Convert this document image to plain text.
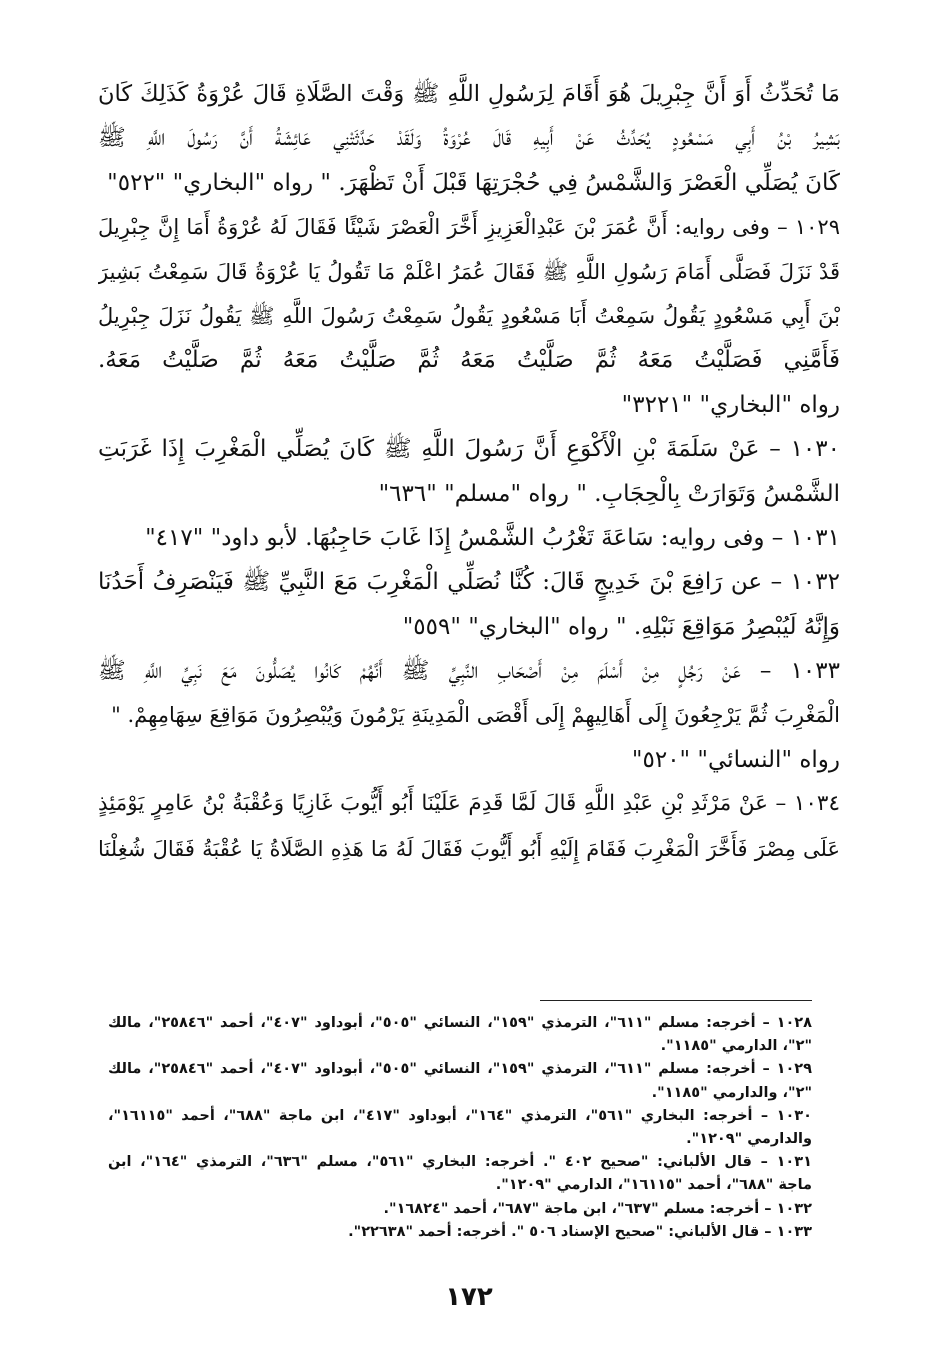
مَا تُحَدِّثُ أَوَ أَنَّ جِبْرِيلَ هُوَ أَقَامَ لِرَسُولِ اللَّهِ ﷺ وَقْتَ الصَّلَاةِ قَالَ عُرْوَةُ كَذَلِكَ كَانَ
بَشِيرُ بْنُ أَبِي مَسْعُودٍ يُحَدِّثُ عَنْ أَبِيهِ قَالَ عُرْوَةُ وَلَقَدْ حَدَّثَتْنِي عَائِشَةُ أَنَّ رَسُولَ اللَّهِ ﷺ
كَانَ يُصَلِّي الْعَصْرَ وَالشَّمْسُ فِي حُجْرَتِهَا قَبْلَ أَنْ تَظْهَرَ. " رواه "البخاري" "٥٢٢"
١٠٢٩ – وفى روايه: أَنَّ عُمَرَ بْنَ عَبْدِالْعَزِيزِ أَخَّرَ الْعَصْرَ شَيْئًا فَقَالَ لَهُ عُرْوَةُ أَمَا إِنَّ جِبْرِيلَ
قَدْ نَزَلَ فَصَلَّى أَمَامَ رَسُولِ اللَّهِ ﷺ فَقَالَ عُمَرُ اعْلَمْ مَا تَقُولُ يَا عُرْوَةُ قَالَ سَمِعْتُ بَشِيرَ
بْنَ أَبِي مَسْعُودٍ يَقُولُ سَمِعْتُ أَبَا مَسْعُودٍ يَقُولُ سَمِعْتُ رَسُولَ اللَّهِ ﷺ يَقُولُ نَزَلَ جِبْرِيلُ
فَأَمَّنِي فَصَلَّيْتُ مَعَهُ ثُمَّ صَلَّيْتُ مَعَهُ ثُمَّ صَلَّيْتُ مَعَهُ ثُمَّ صَلَّيْتُ مَعَهُ.
رواه "البخاري" "٣٢٢١"
١٠٣٠ – عَنْ سَلَمَةَ بْنِ الْأَكْوَعِ أَنَّ رَسُولَ اللَّهِ ﷺ كَانَ يُصَلِّي الْمَغْرِبَ إِذَا غَرَبَتِ
الشَّمْسُ وَتَوَارَتْ بِالْحِجَابِ. " رواه "مسلم" "٦٣٦"
١٠٣١ – وفى روايه: سَاعَةَ تَغْرُبُ الشَّمْسُ إِذَا غَابَ حَاجِبُهَا. لأبو داود" "٤١٧"
١٠٣٢ – عن رَافِعَ بْنَ خَدِيجٍ قَالَ: كُنَّا نُصَلِّي الْمَغْرِبَ مَعَ النَّبِيِّ ﷺ فَيَنْصَرِفُ أَحَدُنَا
وَإِنَّهُ لَيُبْصِرُ مَوَاقِعَ نَبْلِهِ. " رواه "البخاري" "٥٥٩"
١٠٣٣ – عَنْ رَجُلٍ مِنْ أَسْلَمَ مِنْ أَصْحَابِ النَّبِيِّ ﷺ أَنَّهُمْ كَانُوا يُصَلُّونَ مَعَ نَبِيِّ اللَّهِ ﷺ
الْمَغْرِبَ ثُمَّ يَرْجِعُونَ إِلَى أَهَالِيهِمْ إِلَى أَقْصَى الْمَدِينَةِ يَرْمُونَ وَيُبْصِرُونَ مَوَاقِعَ سِهَامِهِمْ. "
رواه "النسائي" "٥٢٠"
١٠٣٤ – عَنْ مَرْثَدِ بْنِ عَبْدِ اللَّهِ قَالَ لَمَّا قَدِمَ عَلَيْنَا أَبُو أَيُّوبَ غَازِيًا وَعُقْبَةُ بْنُ عَامِرٍ يَوْمَئِذٍ
عَلَى مِصْرَ فَأَخَّرَ الْمَغْرِبَ فَقَامَ إِلَيْهِ أَبُو أَيُّوبَ فَقَالَ لَهُ مَا هَذِهِ الصَّلَاةُ يَا عُقْبَةُ فَقَالَ شُغِلْنَا
١٠٢٨ – أخرجه: مسلم "٦١١"، الترمذي "١٥٩"، النسائي "٥٠٥"، أبوداود "٤٠٧"، أحمد "٢٥٨٤٦"، مالك
"٢"، الدارمي "١١٨٥".
١٠٢٩ – أخرجه: مسلم "٦١١"، الترمذي "١٥٩"، النسائي "٥٠٥"، أبوداود "٤٠٧"، أحمد "٢٥٨٤٦"، مالك
"٢"، والدارمي "١١٨٥".
١٠٣٠ – أخرجه: البخاري "٥٦١"، الترمذي "١٦٤"، أبوداود "٤١٧"، ابن ماجة "٦٨٨"، أحمد "١٦١١٥"،
والدارمي "١٢٠٩".
١٠٣١ – قال الألباني: "صحيح ٤٠٢ ". أخرجه: البخاري "٥٦١"، مسلم "٦٣٦"، الترمذي "١٦٤"، ابن
ماجة "٦٨٨"، أحمد "١٦١١٥"، الدارمي "١٢٠٩".
١٠٣٢ – أخرجه: مسلم "٦٣٧"، ابن ماجة "٦٨٧"، أحمد "١٦٨٢٤".
١٠٣٣ – قال الألباني: "صحيح الإسناد ٥٠٦ ". أخرجه: أحمد "٢٢٦٣٨".
١٧٢
